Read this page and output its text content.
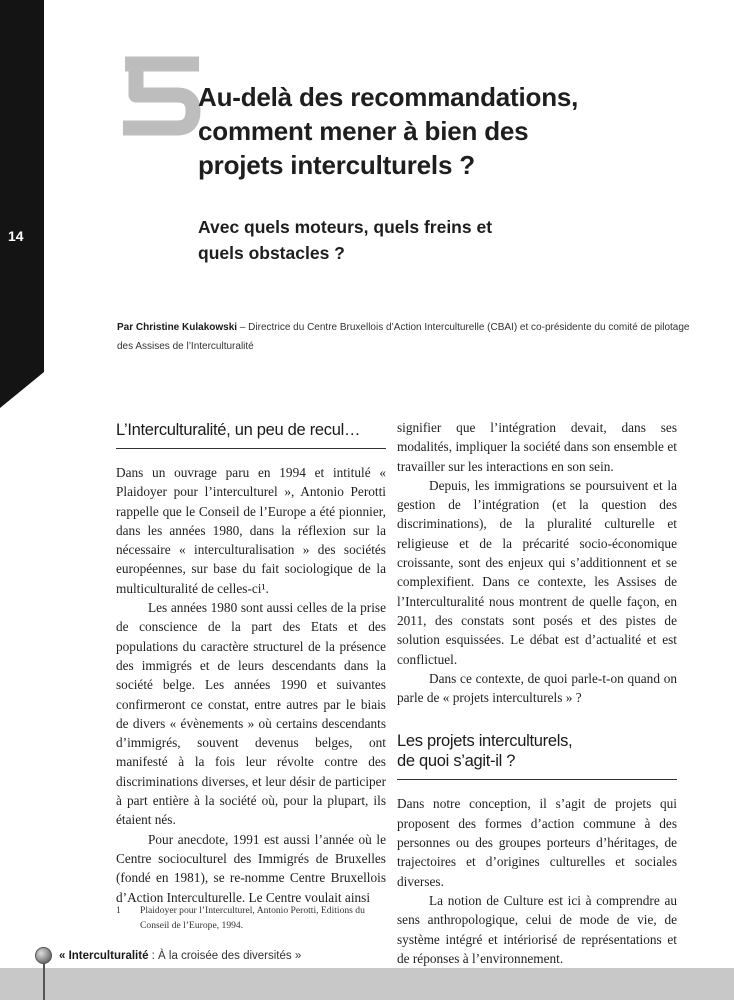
14
5 Au-delà des recommandations,
comment mener à bien des
projets interculturels ?
Avec quels moteurs, quels freins et
quels obstacles ?
Par Christine Kulakowski – Directrice du Centre Bruxellois d’Action Interculturelle (CBAI) et co-présidente du comité de pilotage des Assises de l’Interculturalité
L’Interculturalité, un peu de recul…

Dans un ouvrage paru en 1994 et intitulé « Plaidoyer pour l’interculturel », Antonio Perotti rappelle que le Conseil de l’Europe a été pionnier, dans les années 1980, dans la réflexion sur la nécessaire « interculturalisation » des sociétés européennes, sur base du fait sociologique de la multiculturalité de celles-ci¹.

Les années 1980 sont aussi celles de la prise de conscience de la part des Etats et des populations du caractère structurel de la présence des immigrés et de leurs descendants dans la société belge. Les années 1990 et suivantes confirmeront ce constat, entre autres par le biais de divers « évènements » où certains descendants d’immigrés, souvent devenus belges, ont manifesté à la fois leur révolte contre des discriminations diverses, et leur désir de participer à part entière à la société où, pour la plupart, ils étaient nés.

Pour anecdote, 1991 est aussi l’année où le Centre socioculturel des Immigrés de Bruxelles (fondé en 1981), se re-nomme Centre Bruxellois d’Action Interculturelle. Le Centre voulait ainsi

signifier que l’intégration devait, dans ses modalités, impliquer la société dans son ensemble et travailler sur les interactions en son sein.

Depuis, les immigrations se poursuivent et la gestion de l’intégration (et la question des discriminations), de la pluralité culturelle et religieuse et de la précarité socio-économique croissante, sont des enjeux qui s’additionnent et se complexifient. Dans ce contexte, les Assises de l’Interculturalité nous montrent de quelle façon, en 2011, des constats sont posés et des pistes de solution esquissées. Le débat est d’actualité et est conflictuel.

Dans ce contexte, de quoi parle-t-on quand on parle de « projets interculturels » ?

Les projets interculturels,
de quoi s’agit-il ?

Dans notre conception, il s’agit de projets qui proposent des formes d’action commune à des personnes ou des groupes porteurs d’héritages, de trajectoires et d’origines culturelles et sociales diverses.

La notion de Culture est ici à comprendre au sens anthropologique, celui de mode de vie, de système intégré et intériorisé de représentations et de réponses à l’environnement.

1 Plaidoyer pour l’Interculturel, Antonio Perotti, Editions du
Conseil de l’Europe, 1994.
« Interculturalité : À la croisée des diversités »
